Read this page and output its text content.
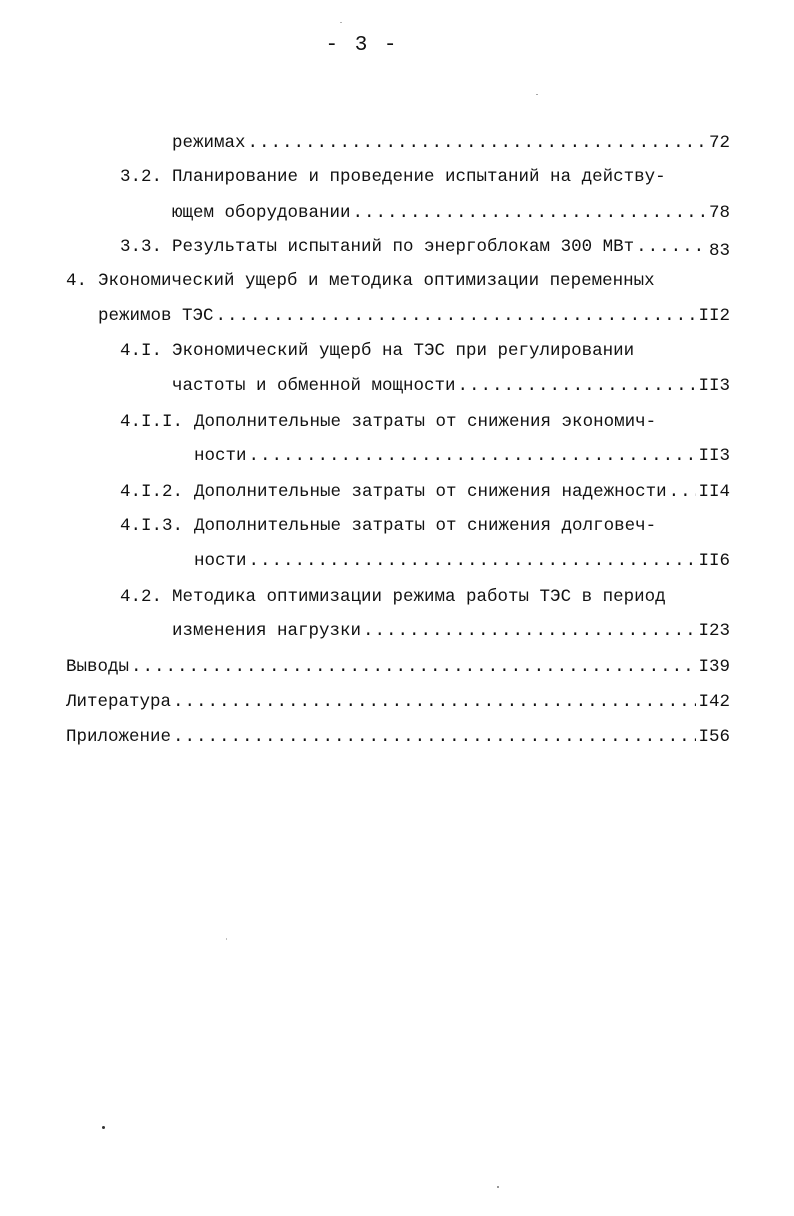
- 3 -
режимах .....	72
3.2. Планирование и проведение испытаний на действу-
ющем оборудовании .....	78
3.3. Результаты испытаний по энергоблокам 300 МВт .....	83
4. Экономический ущерб и методика оптимизации переменных
режимов ТЭС .....	II2
4.I. Экономический ущерб на ТЭС при регулировании
частоты и обменной мощности .....	II3
4.I.I. Дополнительные затраты от снижения экономич-
ности .....	II3
4.I.2. Дополнительные затраты от снижения надежности ..... II4
4.I.3. Дополнительные затраты от снижения долговеч-
ности .....	II6
4.2. Методика оптимизации режима работы ТЭС в период
изменения нагрузки .....	I23
Выводы .....	I39
Литература .....	I42
Приложение .....	I56
